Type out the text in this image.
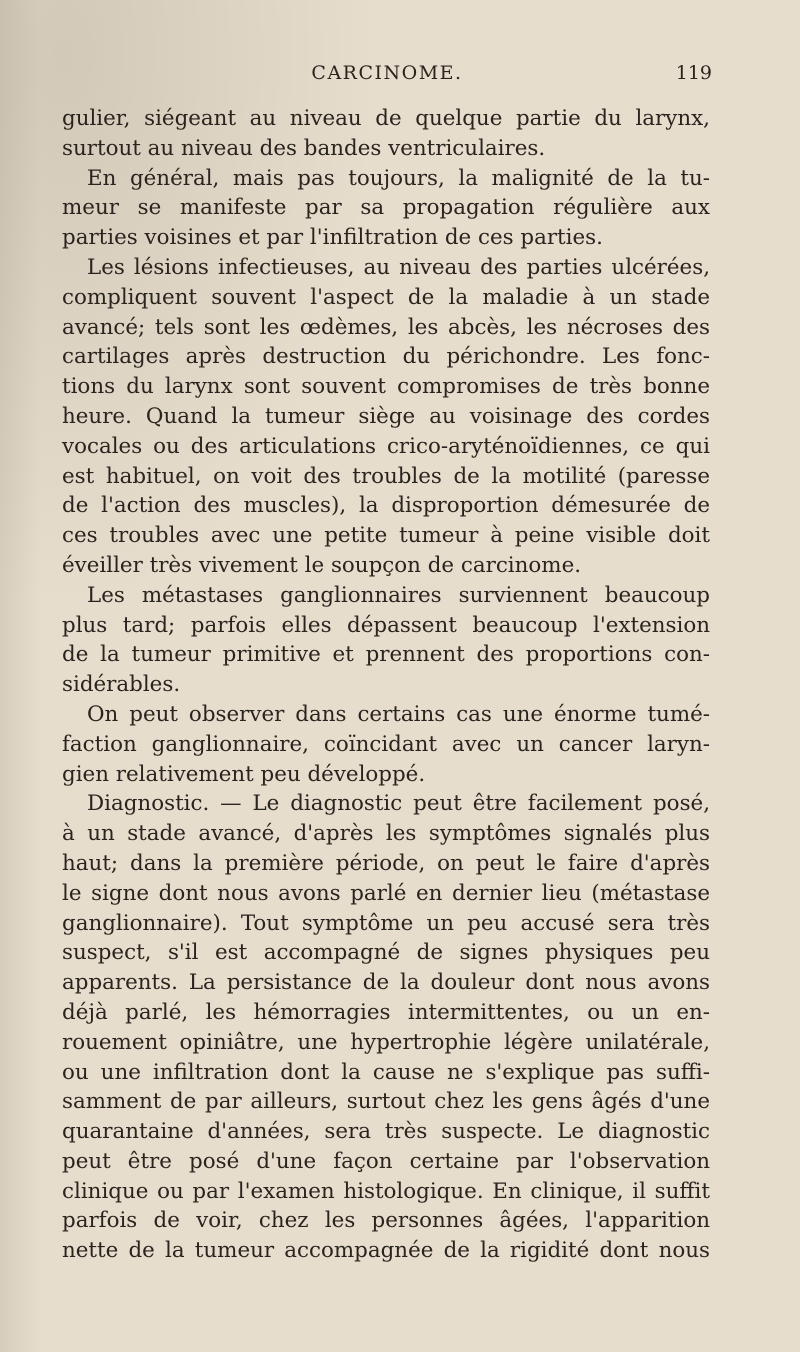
CARCINOME.	119
gulier, siégeant au niveau de quelque partie du larynx,
surtout au niveau des bandes ventriculaires.
En général, mais pas toujours, la malignité de la tu-
meur se manifeste par sa propagation régulière aux
parties voisines et par l'infiltration de ces parties.
Les lésions infectieuses, au niveau des parties ulcérées,
compliquent souvent l'aspect de la maladie à un stade
avancé; tels sont les œdèmes, les abcès, les nécroses des
cartilages après destruction du périchondre. Les fonc-
tions du larynx sont souvent compromises de très bonne
heure. Quand la tumeur siège au voisinage des cordes
vocales ou des articulations crico-aryténoïdiennes, ce qui
est habituel, on voit des troubles de la motilité (paresse
de l'action des muscles), la disproportion démesurée de
ces troubles avec une petite tumeur à peine visible doit
éveiller très vivement le soupçon de carcinome.
Les métastases ganglionnaires surviennent beaucoup
plus tard; parfois elles dépassent beaucoup l'extension
de la tumeur primitive et prennent des proportions con-
sidérables.
On peut observer dans certains cas une énorme tumé-
faction ganglionnaire, coïncidant avec un cancer laryn-
gien relativement peu développé.
Diagnostic. — Le diagnostic peut être facilement posé,
à un stade avancé, d'après les symptômes signalés plus
haut; dans la première période, on peut le faire d'après
le signe dont nous avons parlé en dernier lieu (métastase
ganglionnaire). Tout symptôme un peu accusé sera très
suspect, s'il est accompagné de signes physiques peu
apparents. La persistance de la douleur dont nous avons
déjà parlé, les hémorragies intermittentes, ou un en-
rouement opiniâtre, une hypertrophie légère unilatérale,
ou une infiltration dont la cause ne s'explique pas suffi-
samment de par ailleurs, surtout chez les gens âgés d'une
quarantaine d'années, sera très suspecte. Le diagnostic
peut être posé d'une façon certaine par l'observation
clinique ou par l'examen histologique. En clinique, il suffit
parfois de voir, chez les personnes âgées, l'apparition
nette de la tumeur accompagnée de la rigidité dont nous
